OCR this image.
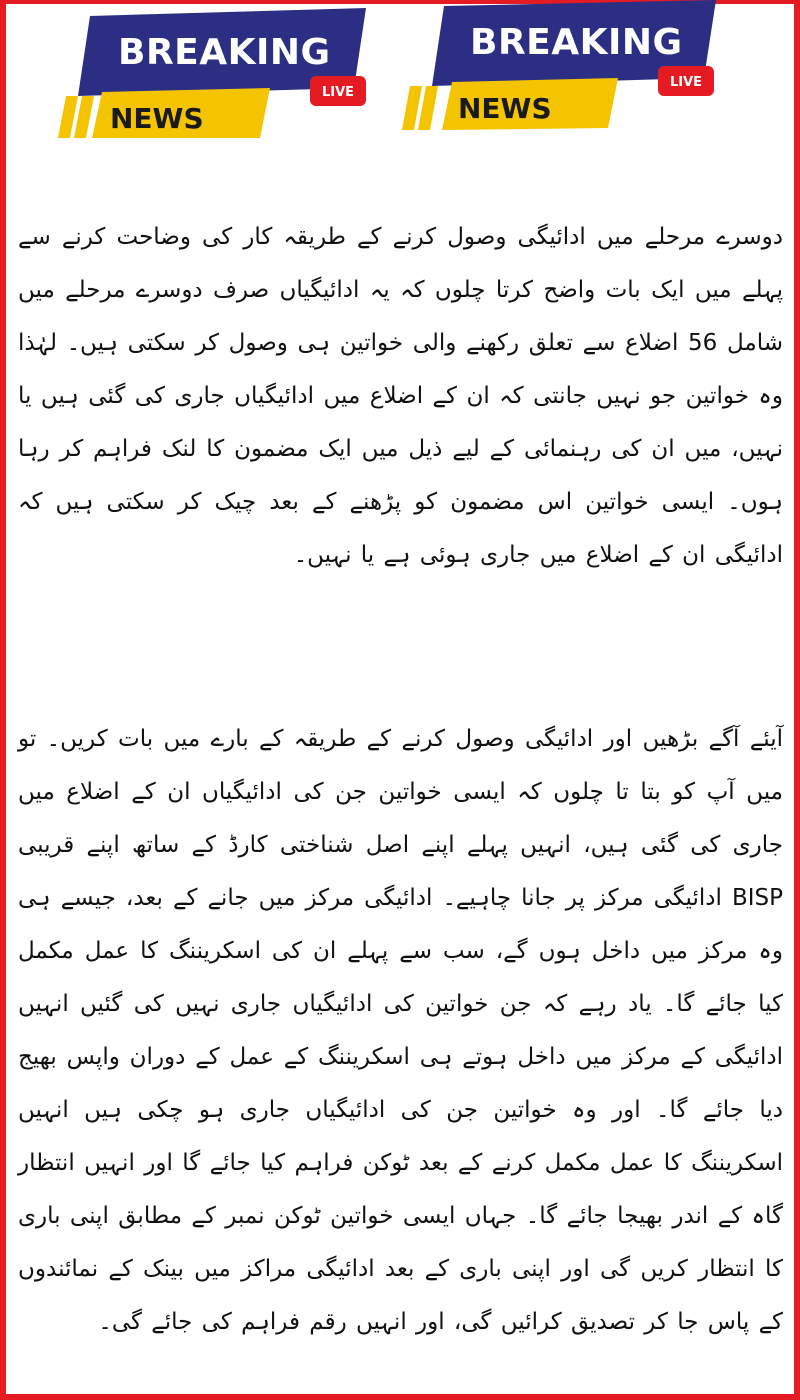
BREAKING
NEWS
LIVE
BREAKING
NEWS
LIVE

دوسرے مرحلے میں ادائیگی وصول کرنے کے طریقہ کار کی وضاحت کرنے سے پہلے میں ایک بات واضح کرتا چلوں کہ یہ ادائیگیاں صرف دوسرے مرحلے میں شامل 56 اضلاع سے تعلق رکھنے والی خواتین ہی وصول کر سکتی ہیں۔ لہٰذا وہ خواتین جو نہیں جانتی کہ ان کے اضلاع میں ادائیگیاں جاری کی گئی ہیں یا نہیں، میں ان کی رہنمائی کے لیے ذیل میں ایک مضمون کا لنک فراہم کر رہا ہوں۔ ایسی خواتین اس مضمون کو پڑھنے کے بعد چیک کر سکتی ہیں کہ ادائیگی ان کے اضلاع میں جاری ہوئی ہے یا نہیں۔

آیئے آگے بڑھیں اور ادائیگی وصول کرنے کے طریقہ کے بارے میں بات کریں۔ تو میں آپ کو بتا تا چلوں کہ ایسی خواتین جن کی ادائیگیاں ان کے اضلاع میں جاری کی گئی ہیں، انہیں پہلے اپنے اصل شناختی کارڈ کے ساتھ اپنے قریبی BISP ادائیگی مرکز پر جانا چاہیے۔ ادائیگی مرکز میں جانے کے بعد، جیسے ہی وہ مرکز میں داخل ہوں گے، سب سے پہلے ان کی اسکریننگ کا عمل مکمل کیا جائے گا۔ یاد رہے کہ جن خواتین کی ادائیگیاں جاری نہیں کی گئیں انہیں ادائیگی کے مرکز میں داخل ہوتے ہی اسکریننگ کے عمل کے دوران واپس بھیج دیا جائے گا۔ اور وہ خواتین جن کی ادائیگیاں جاری ہو چکی ہیں انہیں اسکریننگ کا عمل مکمل کرنے کے بعد ٹوکن فراہم کیا جائے گا اور انہیں انتظار گاہ کے اندر بھیجا جائے گا۔ جہاں ایسی خواتین ٹوکن نمبر کے مطابق اپنی باری کا انتظار کریں گی اور اپنی باری کے بعد ادائیگی مراکز میں بینک کے نمائندوں کے پاس جا کر تصدیق کرائیں گی، اور انہیں رقم فراہم کی جائے گی۔
